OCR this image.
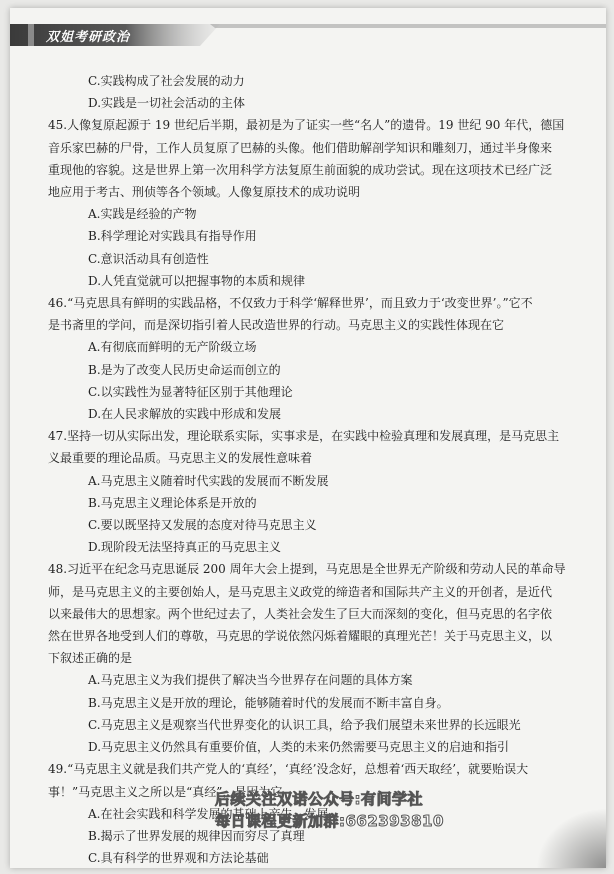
双姐考研政治
C.实践构成了社会发展的动力
D.实践是一切社会活动的主体
45.人像复原起源于 19 世纪后半期，最初是为了证实一些“名人”的遗骨。19 世纪 90 年代，德国
音乐家巴赫的尸骨，工作人员复原了巴赫的头像。他们借助解剖学知识和雕刻刀，通过半身像来
重现他的容貌。这是世界上第一次用科学方法复原生前面貌的成功尝试。现在这项技术已经广泛
地应用于考古、刑侦等各个领域。人像复原技术的成功说明
A.实践是经验的产物
B.科学理论对实践具有指导作用
C.意识活动具有创造性
D.人凭直觉就可以把握事物的本质和规律
46.“马克思具有鲜明的实践品格，不仅致力于科学‘解释世界’，而且致力于‘改变世界’。”它不
是书斋里的学问，而是深切指引着人民改造世界的行动。马克思主义的实践性体现在它
A.有彻底而鲜明的无产阶级立场
B.是为了改变人民历史命运而创立的
C.以实践性为显著特征区别于其他理论
D.在人民求解放的实践中形成和发展
47.坚持一切从实际出发，理论联系实际，实事求是，在实践中检验真理和发展真理，是马克思主
义最重要的理论品质。马克思主义的发展性意味着
A.马克思主义随着时代实践的发展而不断发展
B.马克思主义理论体系是开放的
C.要以既坚持又发展的态度对待马克思主义
D.现阶段无法坚持真正的马克思主义
48.习近平在纪念马克思诞辰 200 周年大会上提到，马克思是全世界无产阶级和劳动人民的革命导
师，是马克思主义的主要创始人，是马克思主义政党的缔造者和国际共产主义的开创者，是近代
以来最伟大的思想家。两个世纪过去了，人类社会发生了巨大而深刻的变化，但马克思的名字依
然在世界各地受到人们的尊敬，马克思的学说依然闪烁着耀眼的真理光芒！关于马克思主义，以
下叙述正确的是
A.马克思主义为我们提供了解决当今世界存在问题的具体方案
B.马克思主义是开放的理论，能够随着时代的发展而不断丰富自身。
C.马克思主义是观察当代世界变化的认识工具，给予我们展望未来世界的长远眼光
D.马克思主义仍然具有重要价值，人类的未来仍然需要马克思主义的启迪和指引
49.“马克思主义就是我们共产党人的‘真经’，‘真经’没念好，总想着‘西天取经’，就要贻误大
事！”马克思主义之所以是“真经”，是因为它
A.在社会实践和科学发展的基础上产生、发展
B.揭示了世界发展的规律因而穷尽了真理
C.具有科学的世界观和方法论基础
后续关注双诺公众号:有间学社
每日课程更新加群:662393810
